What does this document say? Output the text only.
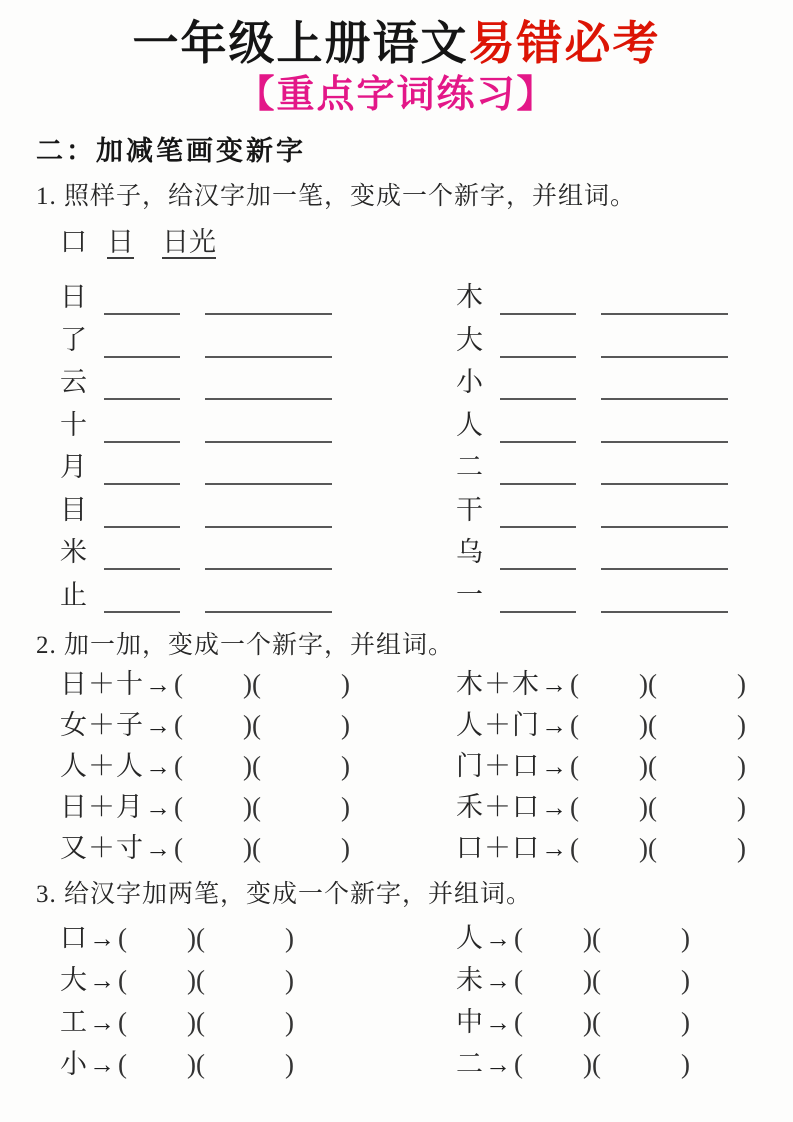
一年级上册语文易错必考
【重点字词练习】
二：加减笔画变新字
1. 照样子，给汉字加一笔，变成一个新字，并组词。
口 日 日光
日	木
了	大
云	小
十	人
月	二
目	干
米	乌
止	一
2. 加一加，变成一个新字，并组词。
日＋十→ ( )(	)	木＋木→ ( )(	)
女＋子→ ( )(	)	人＋门→ ( )(	)
人＋人→ ( )(	)	门＋口→ ( )(	)
日＋月→ ( )(	)	禾＋口→ ( )(	)
又＋寸→ ( )(	)	口＋口→ ( )(	)
3. 给汉字加两笔，变成一个新字，并组词。
口→ ( )(	)	人→ ( )(	)
大→ ( )(	)	未→ ( )(	)
工→ ( )(	)	中→ ( )(	)
小→ ( )(	)	二→ ( )(	)
